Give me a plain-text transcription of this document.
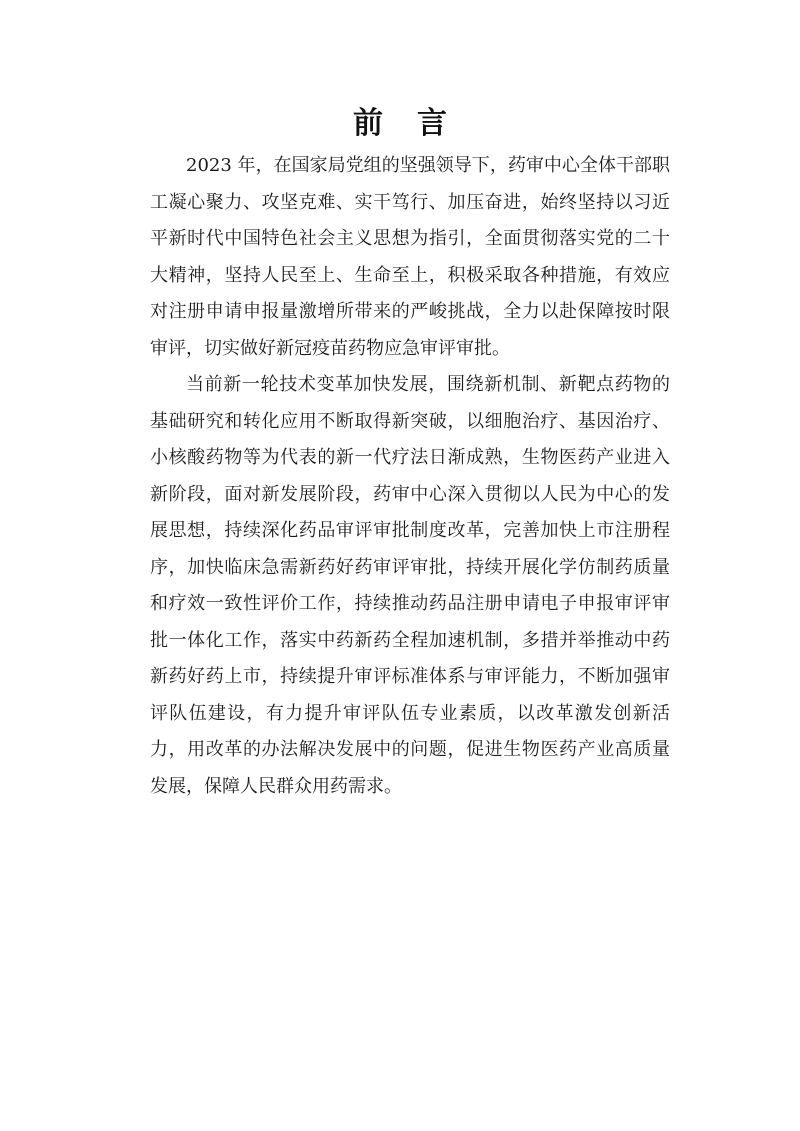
前言

2023 年，在国家局党组的坚强领导下，药审中心全体干部职工凝心聚力、攻坚克难、实干笃行、加压奋进，始终坚持以习近平新时代中国特色社会主义思想为指引，全面贯彻落实党的二十大精神，坚持人民至上、生命至上，积极采取各种措施，有效应对注册申请申报量激增所带来的严峻挑战，全力以赴保障按时限审评，切实做好新冠疫苗药物应急审评审批。

当前新一轮技术变革加快发展，围绕新机制、新靶点药物的基础研究和转化应用不断取得新突破，以细胞治疗、基因治疗、小核酸药物等为代表的新一代疗法日渐成熟，生物医药产业进入新阶段，面对新发展阶段，药审中心深入贯彻以人民为中心的发展思想，持续深化药品审评审批制度改革，完善加快上市注册程序，加快临床急需新药好药审评审批，持续开展化学仿制药质量和疗效一致性评价工作，持续推动药品注册申请电子申报审评审批一体化工作，落实中药新药全程加速机制，多措并举推动中药新药好药上市，持续提升审评标准体系与审评能力，不断加强审评队伍建设，有力提升审评队伍专业素质，以改革激发创新活力，用改革的办法解决发展中的问题，促进生物医药产业高质量发展，保障人民群众用药需求。
